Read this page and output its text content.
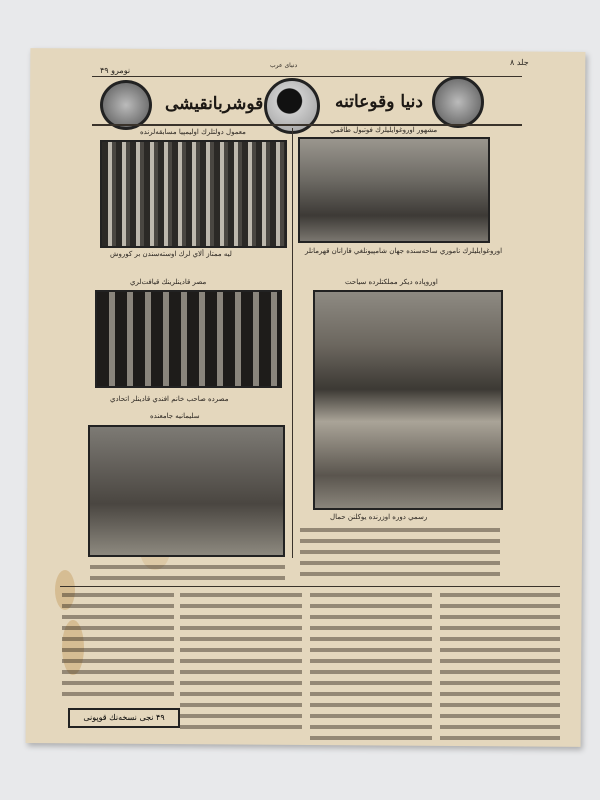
جلد ۸
دنیای عرب
نومرو ۴۹
قوشربانقیشی	دنیا وقوعاتنه
معمول دولتلرك اوليمپيا مسابقه‌لرنده	مشهور اوروغوايليلرك فوتبول طاقمي
ليه ممتاز ألاي لرك اوسته‌سندن بر كوروش	اوروغوايليلرك ناموري ساحه‌سنده جهان شامپيونلغي قازانان قهرمانلر
مصر قادينلرينك قيافت‌لري	اوروپاده ديكر مملكتلرده سياحت
مصرده صاحب خانم افندي قادينلر اتحادي
سلیمانیه جامعنده
رسمي دوره اوزرنده يوكلنن حمال
۴۹ نجی نسخه‌نك قوپونی
